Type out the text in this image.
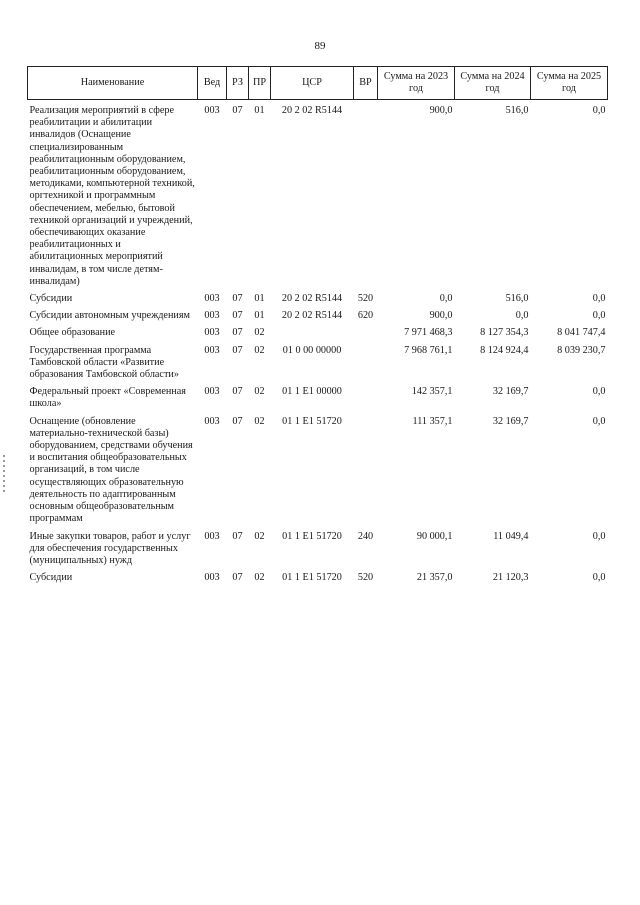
89
Наименование	Вед	РЗ	ПР	ЦСР	ВР	Сумма на 2023 год	Сумма на 2024 год	Сумма на 2025 год

Реализация мероприятий в сфере реабилитации и абилитации инвалидов (Оснащение специализированным реабилитационным оборудованием, реабилитационным оборудованием, методиками, компьютерной техникой, оргтехникой и программным обеспечением, мебелью, бытовой техникой организаций и учреждений, обеспечивающих оказание реабилитационных и абилитационных мероприятий инвалидам, в том числе детям-инвалидам)	003	07	01	20 2 02 R5144		900,0	516,0	0,0

Субсидии	003	07	01	20 2 02 R5144	520	0,0	516,0	0,0

Субсидии автономным учреждениям	003	07	01	20 2 02 R5144	620	900,0	0,0	0,0

Общее образование	003	07	02			7 971 468,3	8 127 354,3	8 041 747,4

Государственная программа Тамбовской области «Развитие образования Тамбовской области»	003	07	02	01 0 00 00000		7 968 761,1	8 124 924,4	8 039 230,7

Федеральный проект «Современная школа»	003	07	02	01 1 E1 00000		142 357,1	32 169,7	0,0

Оснащение (обновление материально-технической базы) оборудованием, средствами обучения и воспитания общеобразовательных организаций, в том числе осуществляющих образовательную деятельность по адаптированным основным общеобразовательным программам	003	07	02	01 1 E1 51720		111 357,1	32 169,7	0,0

Иные закупки товаров, работ и услуг для обеспечения государственных (муниципальных) нужд	003	07	02	01 1 E1 51720	240	90 000,1	11 049,4	0,0

Субсидии	003	07	02	01 1 E1 51720	520	21 357,0	21 120,3	0,0
